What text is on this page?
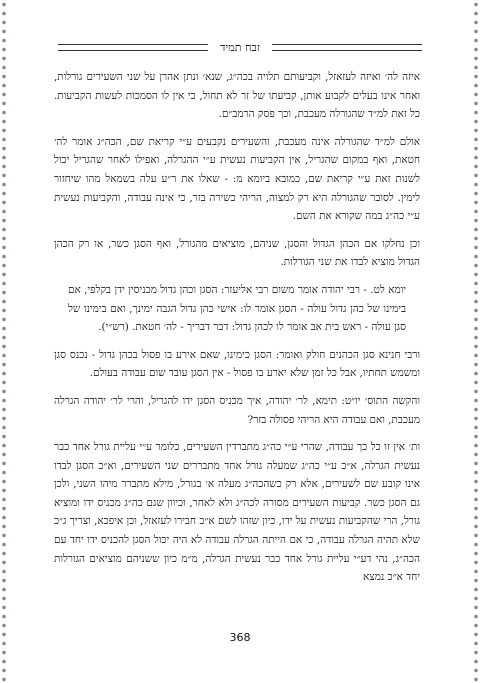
זבח תמיד

איזה לה׳ ואיזה לעזאזל, וקביעותם תלויה בכה״ג, שנא׳ ונתן אהרן על שני השעירים גורלות, ואחר אינו בעלים לקבוע אותן, קביעתו של זר לא תחול, כי אין לו הסמכות לעשות הקביעות. כל זאת למ״ד שהגורלה מעכבת, וכך פסק הרמב״ם.

אולם למ״ד שהגורלה אינה מעכבת, והשעירים נקבעים ע״י קריאת שם, הכה״ג אומר לה׳ חטאת, ואף במקום שהגריל, אין הקביעות נעשית ע״י ההגרלה, ואפילו לאחר שהגריל יכול לשנות זאת ע״י קריאת שם, כמובא ביומא מ: - שאלו את ר״ע עלה בשמאל מהו שיחזור לימין. לסובר שהגורלה היא רק למצוה, הריהי כשירה בזר, כי אינה עבודה, והקביעות נעשית ע״י כה״ג במה שקורא את השם.

וכן נחלקו אם הכהן הגדול והסגן, שניהם, מוציאים מהגורל, ואף הסגן כשר, או רק הכהן הגדול מוציא לבדו את שני הגורלות.

יומא לט. - רבי יהודה אומר משום רבי אליעזר: הסגן וכהן גדול מכניסין ידן בקלפי, אם בימינו של כהן גדול עולה - הסגן אומר לו: אישי כהן גדול הגבה ימינך, ואם בימינו של סגן עולה - ראש בית אב אומר לו לכהן גדול: דבר דבריך - לה׳ חטאת. (רש״י).

ורבי חנינא סגן הכהנים חולק ואומר: הסגן כימינו, שאם אירע בו פסול בכהן גדול - נכנס סגן ומשמש תחתיו, אבל כל זמן שלא יארע בו פסול - אין הסגן עובד שום עבודה בעולם.

והקשה התוס׳ יו״ט: תימא, לר׳ יהודה, איך מכניס הסגן ידו להגריל, והרי לר׳ יהודה הגרלה מעכבת, ואם עבודה היא הריהי פסולה בזר?

ות׳ אין זו כל כך עבודה, שהרי ע״י כה״ג מתברדין השעירים, כלומר ע״י עליית גורל אחד כבר נעשית הגרלה, א״כ ע״י כה״ג שמעלה גורל אחד מתבררים שני השעירים, וא״כ הסגן לבדו אינו קובע שם לשעירים, אלא רק כשהכה״ג מעלה א׳ בגורל, מילא מתברר מיהו השני, ולכן גם הסגן כשר. קביעות השעירים מסורה לכה״ג ולא לאחר, וכיוון שגם כה״ג מכניס ידו ומוציא גורל, הרי שהקביעות נעשית על ידו, כיון שזהו לשם א״כ חבירו לעזאזל, וכן איפכא, וצריך ג״כ שלא תהיה הגרלה עבודה, כי אם הייתה הגרלה עבודה לא היה יכול הסגן להכניס ידו יחד עם הכה״ג, נהי דע״י עליית גורל אחד כבר נעשית הגרלה, מ״מ כיון ששניהם מוציאים הגורלות יחד א״כ נמצא

368
